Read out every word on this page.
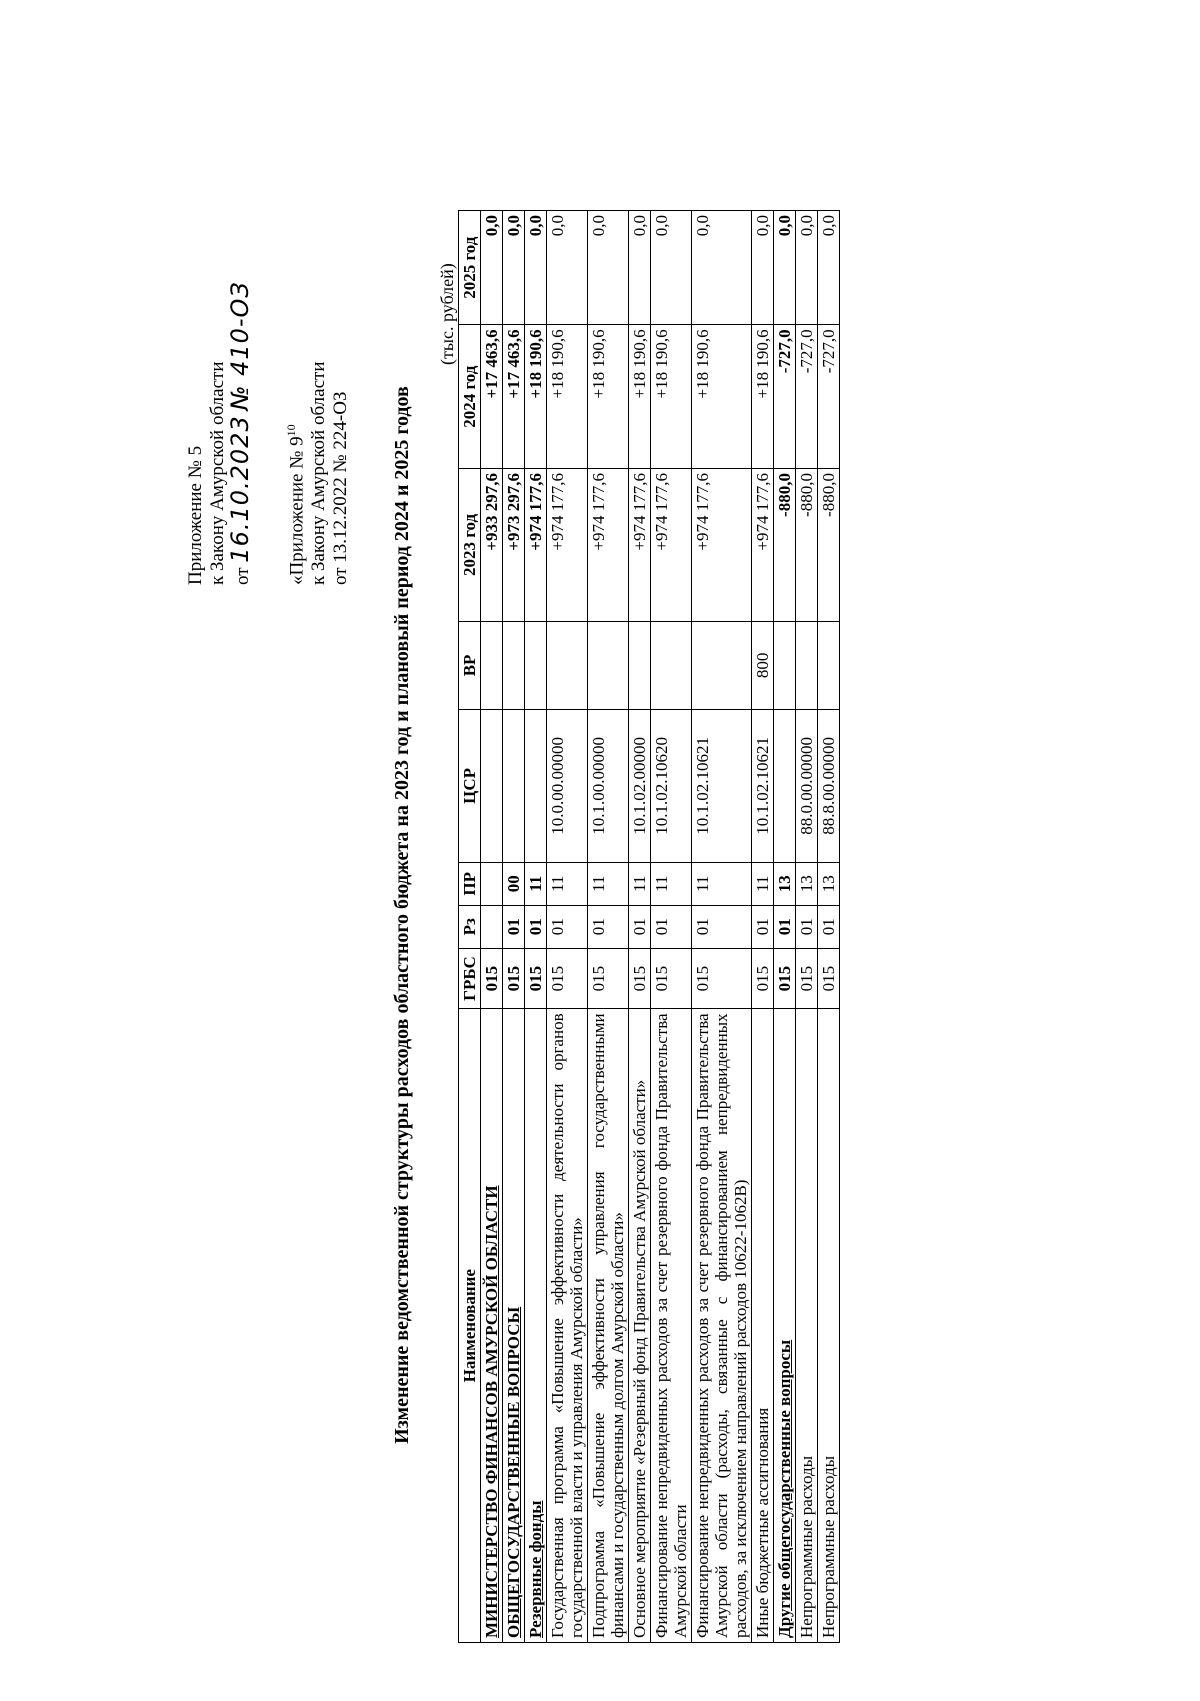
Приложение № 5 к Закону Амурской области от 16.10.2023 № 410-ОЗ
«Приложение № $9^{10}$ к Закону Амурской области от 13.12.2022 № 224-ОЗ Изменение ведомственной структуры расходов областного бюджета на 2023 год и плановый период 2024 и 2025 годов
(тыс. рублей)
Наименование	ГРБС	Рз	ПР	ЦСР	ВР	2023 год	2024 год	2025 год
МИНИСТЕРСТВО ФИНАНСОВ АМУРСКОЙ ОБЛАСТИ	015					+933 297,6	+17 463,6	0,0
ОБЩЕГОСУДАРСТВЕННЫЕ ВОПРОСЫ	015	01	00			+973 297,6	+17 463,6	0,0
Резервные фонды	015	01	11			+974 177,6	+18 190,6	0,0
Государственная программа «Повышение эффективности деятельности органов государственной власти и управления Амурской области»	015	01	11	10.0.00.00000		+974 177,6	+18 190,6	0,0
Подпрограмма «Повышение эффективности управления государственными финансами и государственным долгом Амурской области»	015	01	11	10.1.00.00000		+974 177,6	+18 190,6	0,0
Основное мероприятие «Резервный фонд Правительства Амурской области»	015	01	11	10.1.02.00000		+974 177,6	+18 190,6	0,0
Финансирование непредвиденных расходов за счет резервного фонда Правительства Амурской области	015	01	11	10.1.02.10620		+974 177,6	+18 190,6	0,0
Финансирование непредвиденных расходов за счет резервного фонда Правительства Амурской области (расходы, связанные с финансированием непредвиденных расходов, за исключением направлений расходов 10622-1062В)	015	01	11	10.1.02.10621		+974 177,6	+18 190,6	0,0
Иные бюджетные ассигнования	015	01	11	10.1.02.10621	800	+974 177,6	+18 190,6	0,0
Другие общегосударственные вопросы	015	01	13			-880,0	-727,0	0,0
Непрограммные расходы	015	01	13	88.0.00.00000		-880,0	-727,0	0,0
Непрограммные расходы	015	01	13	88.8.00.00000		-880,0	-727,0	0,0
